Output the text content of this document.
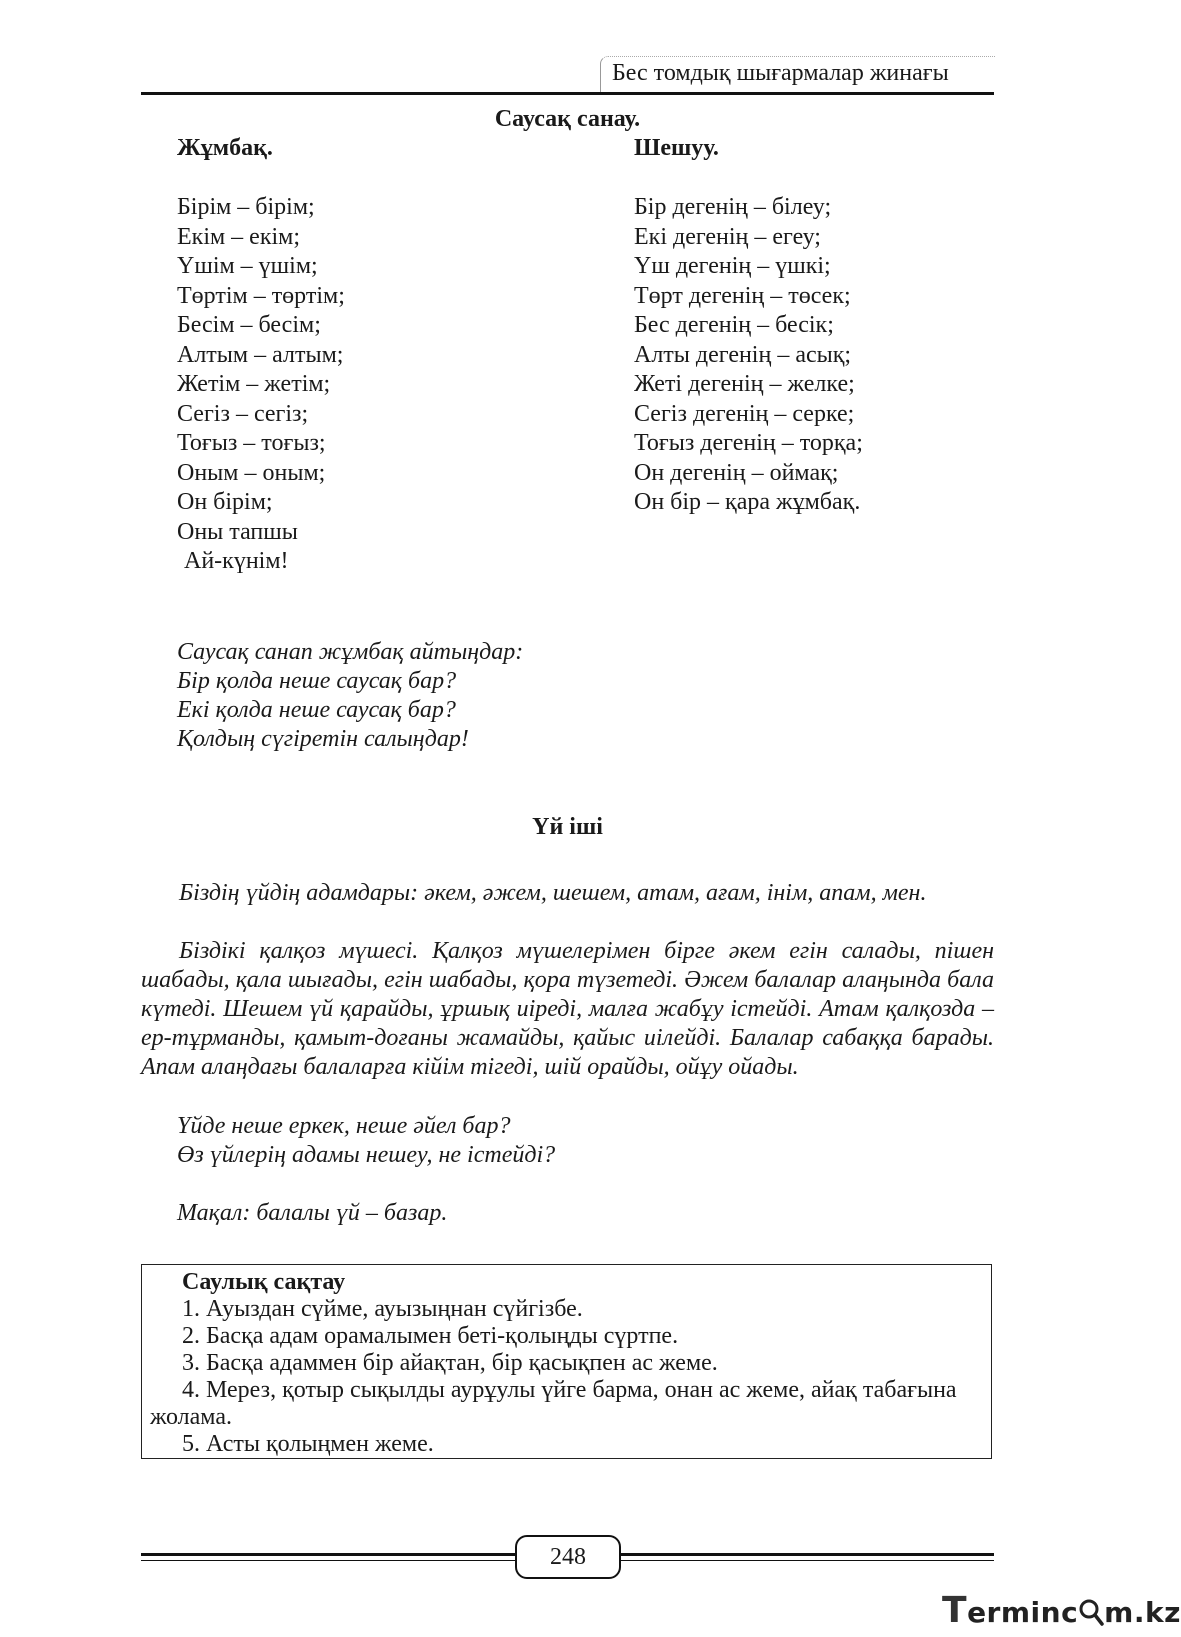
Бес томдық шығармалар жинағы
Саусақ санау.
Жұмбақ.	Шешуу.
Бірім – бірім;
Екім – екім;
Үшім – үшім;
Төртім – төртім;
Бесім – бесім;
Алтым – алтым;
Жетім – жетім;
Сегіз – сегіз;
Тоғыз – тоғыз;
Оным – оным;
Он бірім;
Оны тапшы
Ай-күнім!
Бір дегенің – білеу;
Екі дегенің – егеу;
Үш дегенің – үшкі;
Төрт дегенің – төсек;
Бес дегенің – бесік;
Алты дегенің – асық;
Жеті дегенің – желке;
Сегіз дегенің – серке;
Тоғыз дегенің – торқа;
Он дегенің – оймақ;
Он бір – қара жұмбақ.
Саусақ санап жұмбақ айтыңдар:
Бір қолда неше саусақ бар?
Екі қолда неше саусақ бар?
Қолдың сүгіретін салыңдар!
Үй іші

Біздің үйдің адамдары: әкем, әжем, шешем, атам, ағам, інім, апам, мен.

Біздікі қалқоз мүшесі. Қалқоз мүшелерімен бірге әкем егін салады, пішен шабады, қала шығады, егін шабады, қора түзетеді. Әжем балалар алаңында бала күтеді. Шешем үй қарайды, ұршық иіреді, малға жабұу істейді. Атам қалқозда – ер-тұрманды, қамыт-доғаны жамайды, қайыс иілейді. Балалар сабаққа барады. Апам алаңдағы балаларға кійім тігеді, шій орайды, ойұу ойады.

Үйде неше еркек, неше әйел бар?
Өз үйлерің адамы нешеу, не істейді?
Мақал: балалы үй – базар.
Саулық сақтау
1. Ауыздан сүйме, ауызыңнан сүйгізбе.
2. Басқа адам орамалымен беті-қолыңды сүртпе.
3. Басқа адаммен бір айақтан, бір қасықпен ас жеме.
4. Мерез, қотыр сықылды аурұулы үйге барма, онан ас жеме, айақ табағына жолама.
5. Асты қолыңмен жеме.
248
Terminc m.kz
